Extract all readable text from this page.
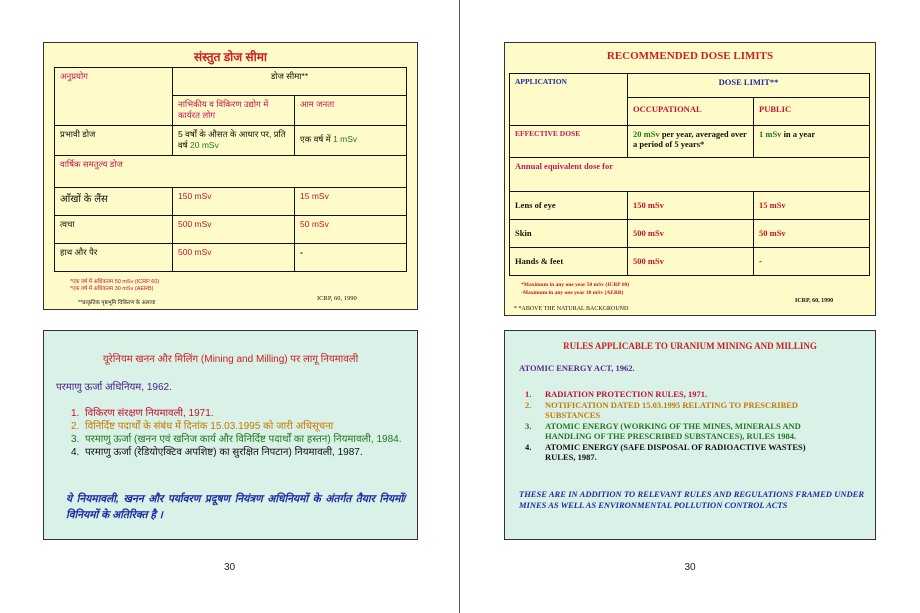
संस्तुत डोज सीमा
अनुप्रयोग	डोज सीमा**	
	नाभिकीय व विकिरण उद्योग में कार्यरत लोग	आम जनता
प्रभावी डोज	5 वर्षों के औसत के आधार पर, प्रति वर्ष 20 mSv	एक वर्ष में 1 mSv
वार्षिक समतुल्य डोज		
आँखों के लैंस	150 mSv	15 mSv
त्वचा	500 mSv	50 mSv
हाथ और पैर	500 mSv	-
*एक वर्ष में अधिकतम 50 mSv (ICRP 60)
*एक वर्ष में अधिकतम 30 mSv (AERB)
**प्राकृतिक पृष्ठभूमि विकिरण के अलावा
ICRP, 60, 1990
यूरेनियम खनन और मिलिंग (Mining and Milling) पर लागू नियमावली
परमाणु ऊर्जा अधिनियम, 1962.
1. विकिरण संरक्षण नियमावली, 1971.
2. विनिर्दिष्ट पदार्थों के संबंध में दिनांक 15.03.1995 को जारी अधिसूचना
3. परमाणु ऊर्जा (खनन एवं खनिज कार्य और विनिर्दिष्ट पदार्थों का हस्तन) नियमावली, 1984.
4. परमाणु ऊर्जा (रेडियोएक्टिव अपशिष्ट) का सुरक्षित निपटान) नियमावली, 1987.
ये नियमावली, खनन और पर्यावरण प्रदूषण नियंत्रण अधिनियमों के अंतर्गत तैयार नियमों/विनियमों के अतिरिक्त है ।
30
RECOMMENDED DOSE LIMITS
APPLICATION	DOSE LIMIT**	
	OCCUPATIONAL	PUBLIC
EFFECTIVE DOSE	20 mSv per year, averaged over a period of 5 years*	1 mSv in a year
Annual equivalent dose for		
Lens of eye	150 mSv	15 mSv
Skin	500 mSv	50 mSv
Hands & feet	500 mSv	-
*Maximum in any one year 50 mSv (ICRP 60)
-Maximum in any one year 30 mSv (AERB)
ICRP, 60, 1990
* *ABOVE THE NATURAL BACKGROUND
RULES APPLICABLE TO URANIUM MINING AND MILLING
ATOMIC ENERGY ACT, 1962.
1. RADIATION PROTECTION RULES, 1971.
2. NOTIFICATION DATED 15.03.1995 RELATING TO PRESCRIBED SUBSTANCES
3. ATOMIC ENERGY (WORKING OF THE MINES, MINERALS AND HANDLING OF THE PRESCRIBED SUBSTANCES), RULES 1984.
4. ATOMIC ENERGY (SAFE DISPOSAL OF RADIOACTIVE WASTES) RULES, 1987.
THESE ARE IN ADDITION TO RELEVANT RULES AND REGULATIONS FRAMED UNDER MINES AS WELL AS ENVIRONMENTAL POLLUTION CONTROL ACTS
30
